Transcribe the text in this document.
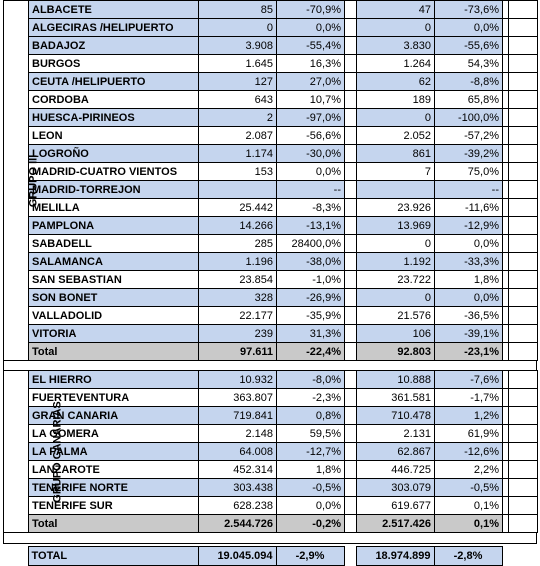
GRUPO III	ALBACETE	85	-70,9%		47	-73,6%		
	ALGECIRAS /HELIPUERTO	0	0,0%		0	0,0%		
	BADAJOZ	3.908	-55,4%		3.830	-55,6%		
	BURGOS	1.645	16,3%		1.264	54,3%		
	CEUTA /HELIPUERTO	127	27,0%		62	-8,8%		
	CORDOBA	643	10,7%		189	65,8%		
	HUESCA-PIRINEOS	2	-97,0%		0	-100,0%		
	LEON	2.087	-56,6%		2.052	-57,2%		
	LOGROÑO	1.174	-30,0%		861	-39,2%		
	MADRID-CUATRO VIENTOS	153	0,0%		7	75,0%		
	MADRID-TORREJON		--			--		
	MELILLA	25.442	-8,3%		23.926	-11,6%		
	PAMPLONA	14.266	-13,1%		13.969	-12,9%		
	SABADELL	285	28400,0%		0	0,0%		
	SALAMANCA	1.196	-38,0%		1.192	-33,3%		
	SAN SEBASTIAN	23.854	-1,0%		23.722	1,8%		
	SON BONET	328	-26,9%		0	0,0%		
	VALLADOLID	22.177	-35,9%		21.576	-36,5%		
	VITORIA	239	31,3%		106	-39,1%		
	Total	97.611	-22,4%		92.803	-23,1%		
GRUPO CANARIAS	EL HIERRO	10.932	-8,0%		10.888	-7,6%		
	FUERTEVENTURA	363.807	-2,3%		361.581	-1,7%		
	GRAN CANARIA	719.841	0,8%		710.478	1,2%		
	LA GOMERA	2.148	59,5%		2.131	61,9%		
	LA PALMA	64.008	-12,7%		62.867	-12,6%		
	LANZAROTE	452.314	1,8%		446.725	2,2%		
	TENERIFE NORTE	303.438	-0,5%		303.079	-0,5%		
	TENERIFE SUR	628.238	0,0%		619.677	0,1%		
	Total	2.544.726	-0,2%		2.517.426	0,1%		
	TOTAL	19.045.094	-2,9%		18.974.899	-2,8%	
